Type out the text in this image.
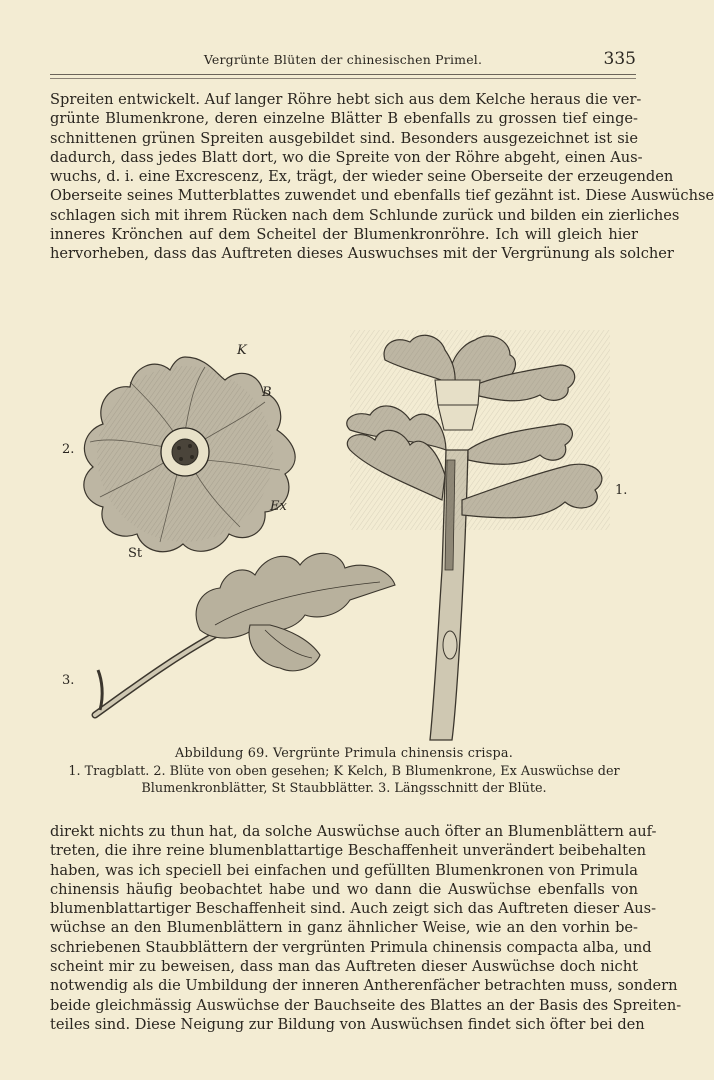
Vergrünte Blüten der chinesischen Primel.	335
Spreiten entwickelt. Auf langer Röhre hebt sich aus dem Kelche heraus die ver-
grünte Blumenkrone, deren einzelne Blätter B ebenfalls zu grossen tief einge-
schnittenen grünen Spreiten ausgebildet sind. Besonders ausgezeichnet ist sie
dadurch, dass jedes Blatt dort, wo die Spreite von der Röhre abgeht, einen Aus-
wuchs, d. i. eine Excrescenz, Ex, trägt, der wieder seine Oberseite der erzeugenden
Oberseite seines Mutterblattes zuwendet und ebenfalls tief gezähnt ist. Diese Auswüchse
schlagen sich mit ihrem Rücken nach dem Schlunde zurück und bilden ein zierliches
inneres Krönchen auf dem Scheitel der Blumenkronröhre. Ich will gleich hier
hervorheben, dass das Auftreten dieses Auswuchses mit der Vergrünung als solcher
K
B
Ex
St
1.
2.
3.
Abbildung 69. Vergrünte Primula chinensis crispa.
1. Tragblatt. 2. Blüte von oben gesehen; K Kelch, B Blumenkrone, Ex Auswüchse der
Blumenkronblätter, St Staubblätter. 3. Längsschnitt der Blüte.
direkt nichts zu thun hat, da solche Auswüchse auch öfter an Blumenblättern auf-
treten, die ihre reine blumenblattartige Beschaffenheit unverändert beibehalten
haben, was ich speciell bei einfachen und gefüllten Blumenkronen von Primula
chinensis häufig beobachtet habe und wo dann die Auswüchse ebenfalls von
blumenblattartiger Beschaffenheit sind. Auch zeigt sich das Auftreten dieser Aus-
wüchse an den Blumenblättern in ganz ähnlicher Weise, wie an den vorhin be-
schriebenen Staubblättern der vergrünten Primula chinensis compacta alba, und
scheint mir zu beweisen, dass man das Auftreten dieser Auswüchse doch nicht
notwendig als die Umbildung der inneren Antherenfächer betrachten muss, sondern
beide gleichmässig Auswüchse der Bauchseite des Blattes an der Basis des Spreiten-
teiles sind. Diese Neigung zur Bildung von Auswüchsen findet sich öfter bei den
